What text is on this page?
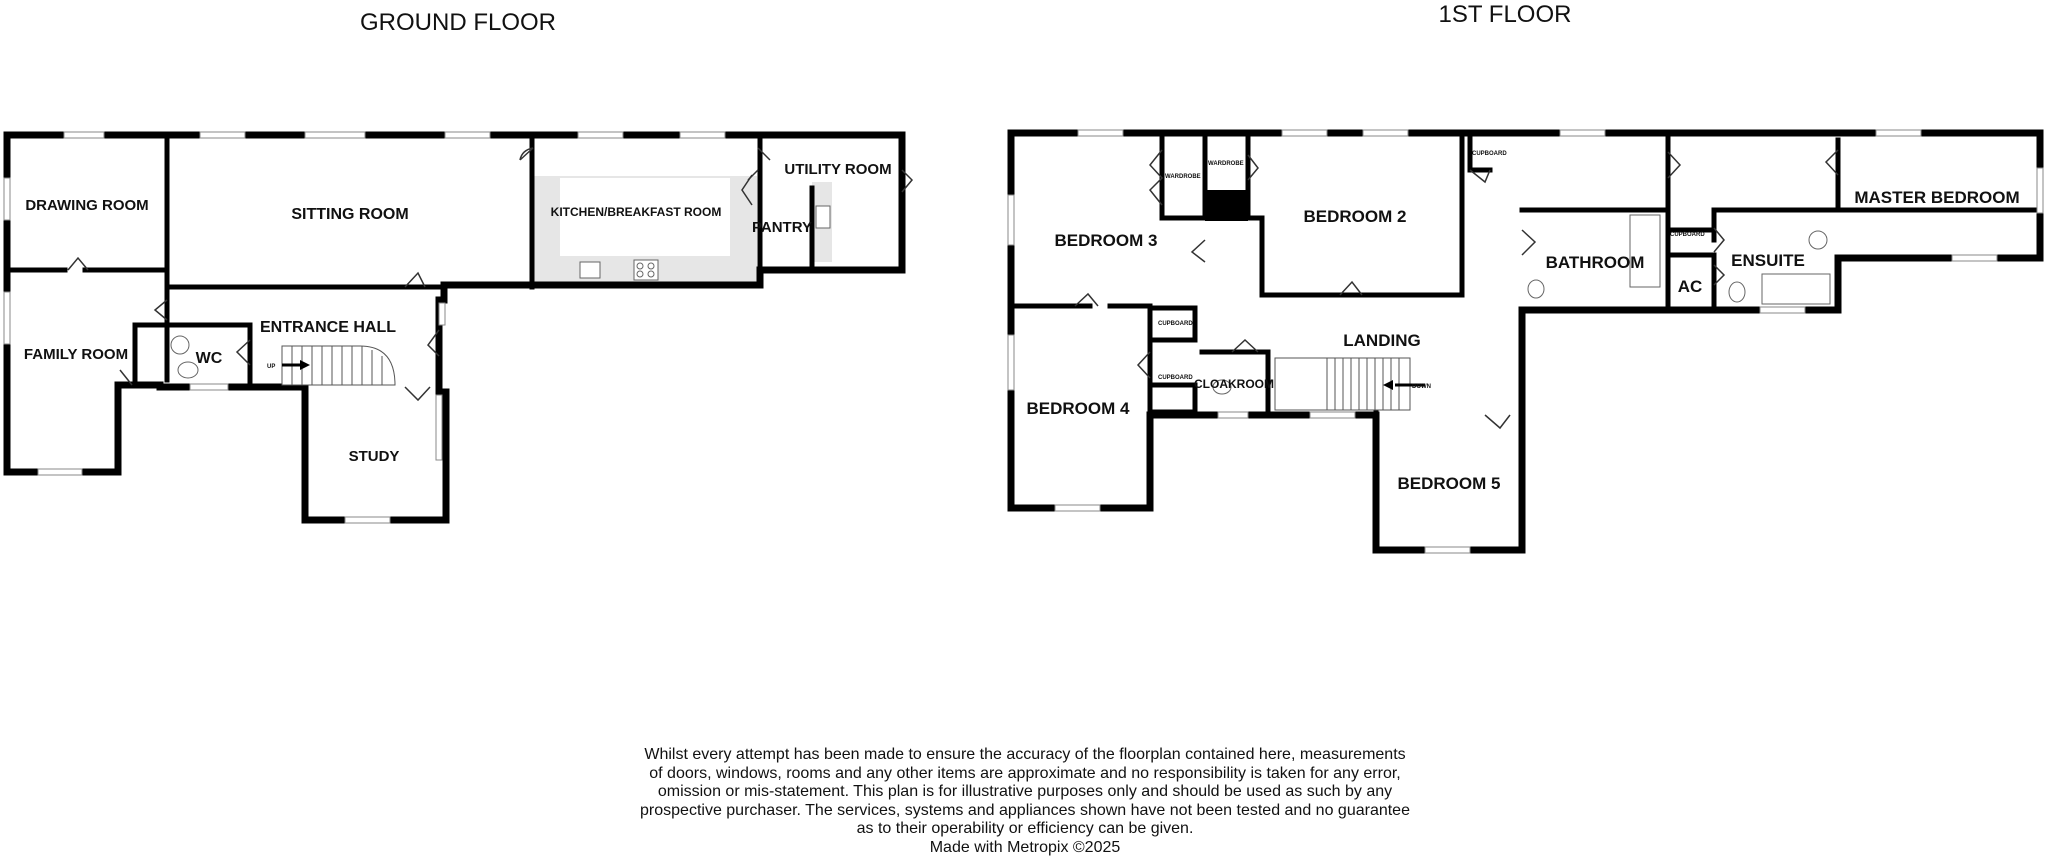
GROUND FLOOR
UP
DRAWING ROOM
SITTING ROOM	KITCHEN/BREAKFAST ROOM
UTILITY ROOM
PANTRY
FAMILY ROOM	WC
ENTRANCE HALL
STUDY
1ST FLOOR
DOWN
WARDROBE
WARDROBE
CUPBOARD
CUPBOARD
CUPBOARD
CUPBOARD
BEDROOM 3
BEDROOM 2
MASTER BEDROOM
BATHROOM	ENSUITE
AC
LANDING
BEDROOM 4
BEDROOM 5
CLOAKROOM
Whilst every attempt has been made to ensure the accuracy of the floorplan contained here, measurements
of doors, windows, rooms and any other items are approximate and no responsibility is taken for any error,
omission or mis-statement. This plan is for illustrative purposes only and should be used as such by any
prospective purchaser. The services, systems and appliances shown have not been tested and no guarantee
as to their operability or efficiency can be given.
Made with Metropix ©2025
